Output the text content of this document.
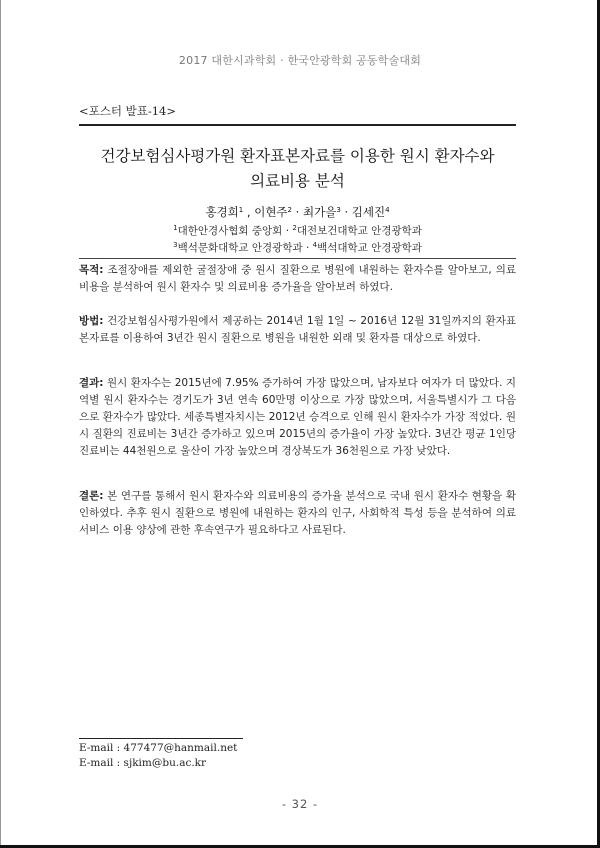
2017 대한시과학회 · 한국안광학회 공동학술대회
<포스터 발표-14>
건강보험심사평가원 환자표본자료를 이용한 원시 환자수와
의료비용 분석
홍경희$^1$ , 이현주$^2$ · 최가을$^3$ · 김세진$^4$
$^1$대한안경사협회 중앙회 · $^2$대전보건대학교 안경광학과
$^3$백석문화대학교 안경광학과 · $^4$백석대학교 안경광학과
목적: 조절장애를 제외한 굴절장애 중 원시 질환으로 병원에 내원하는 환자수를 알아보고, 의료비용을 분석하여 원시 환자수 및 의료비용 증가율을 알아보려 하였다.
방법: 건강보험심사평가원에서 제공하는 2014년 1월 1일 ~ 2016년 12월 31일까지의 환자표본자료를 이용하여 3년간 원시 질환으로 병원을 내원한 외래 및 환자를 대상으로 하였다.
결과: 원시 환자수는 2015년에 7.95% 증가하여 가장 많았으며, 남자보다 여자가 더 많았다. 지역별 원시 환자수는 경기도가 3년 연속 60만명 이상으로 가장 많았으며, 서울특별시가 그 다음으로 환자수가 많았다. 세종특별자치시는 2012년 승격으로 인해 원시 환자수가 가장 적었다. 원시 질환의 진료비는 3년간 증가하고 있으며 2015년의 증가율이 가장 높았다. 3년간 평균 1인당 진료비는 44천원으로 울산이 가장 높았으며 경상북도가 36천원으로 가장 낮았다.
결론: 본 연구를 통해서 원시 환자수와 의료비용의 증가율 분석으로 국내 원시 환자수 현황을 확인하였다. 추후 원시 질환으로 병원에 내원하는 환자의 인구, 사회학적 특성 등을 분석하여 의료 서비스 이용 양상에 관한 후속연구가 필요하다고 사료된다.
E-mail : 477477@hanmail.net
E-mail : sjkim@bu.ac.kr
- 32 -
